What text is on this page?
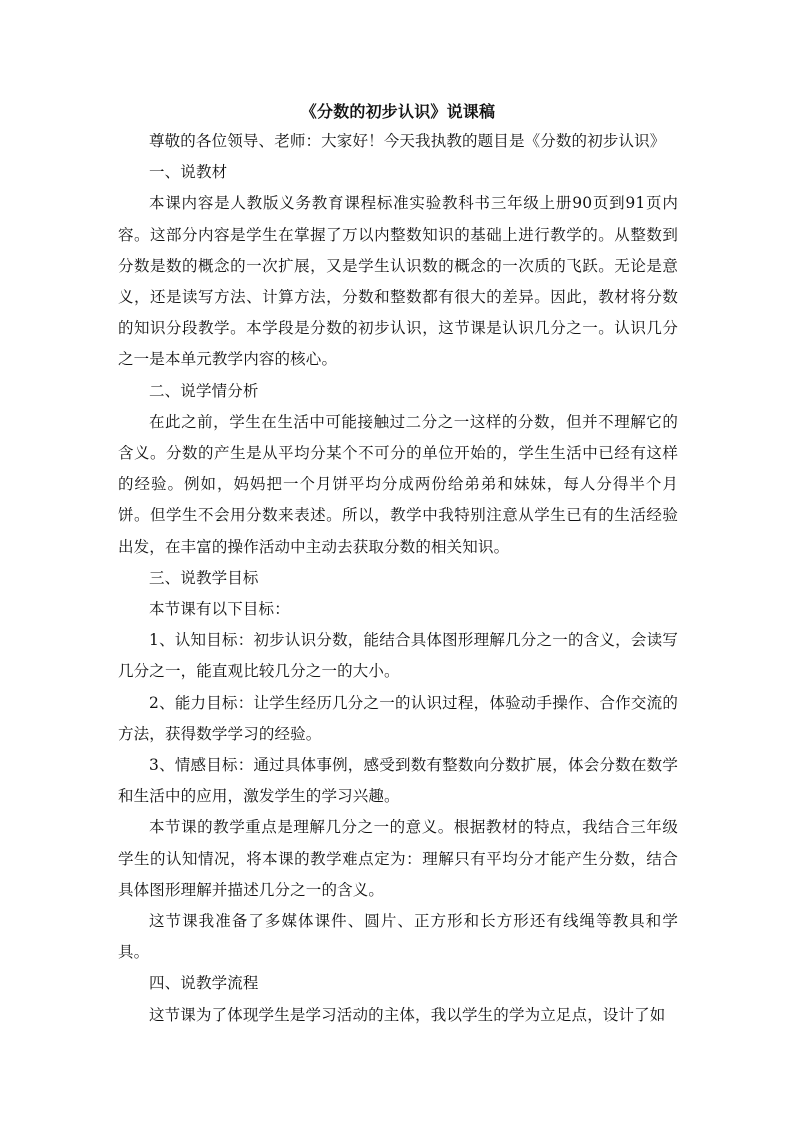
《分数的初步认识》说课稿

尊敬的各位领导、老师：大家好！今天我执教的题目是《分数的初步认识》

一、说教材

本课内容是人教版义务教育课程标准实验教科书三年级上册90页到91页内容。这部分内容是学生在掌握了万以内整数知识的基础上进行教学的。从整数到分数是数的概念的一次扩展，又是学生认识数的概念的一次质的飞跃。无论是意义，还是读写方法、计算方法，分数和整数都有很大的差异。因此，教材将分数的知识分段教学。本学段是分数的初步认识，这节课是认识几分之一。认识几分之一是本单元教学内容的核心。

二、说学情分析

在此之前，学生在生活中可能接触过二分之一这样的分数，但并不理解它的含义。分数的产生是从平均分某个不可分的单位开始的，学生生活中已经有这样的经验。例如，妈妈把一个月饼平均分成两份给弟弟和妹妹，每人分得半个月饼。但学生不会用分数来表述。所以，教学中我特别注意从学生已有的生活经验出发，在丰富的操作活动中主动去获取分数的相关知识。

三、说教学目标

本节课有以下目标：

1、认知目标：初步认识分数，能结合具体图形理解几分之一的含义，会读写几分之一，能直观比较几分之一的大小。

2、能力目标：让学生经历几分之一的认识过程，体验动手操作、合作交流的方法，获得数学学习的经验。

3、情感目标：通过具体事例，感受到数有整数向分数扩展，体会分数在数学和生活中的应用，激发学生的学习兴趣。

本节课的教学重点是理解几分之一的意义。根据教材的特点，我结合三年级学生的认知情况，将本课的教学难点定为：理解只有平均分才能产生分数，结合具体图形理解并描述几分之一的含义。

这节课我准备了多媒体课件、圆片、正方形和长方形还有线绳等教具和学具。

四、说教学流程

这节课为了体现学生是学习活动的主体，我以学生的学为立足点，设计了如
